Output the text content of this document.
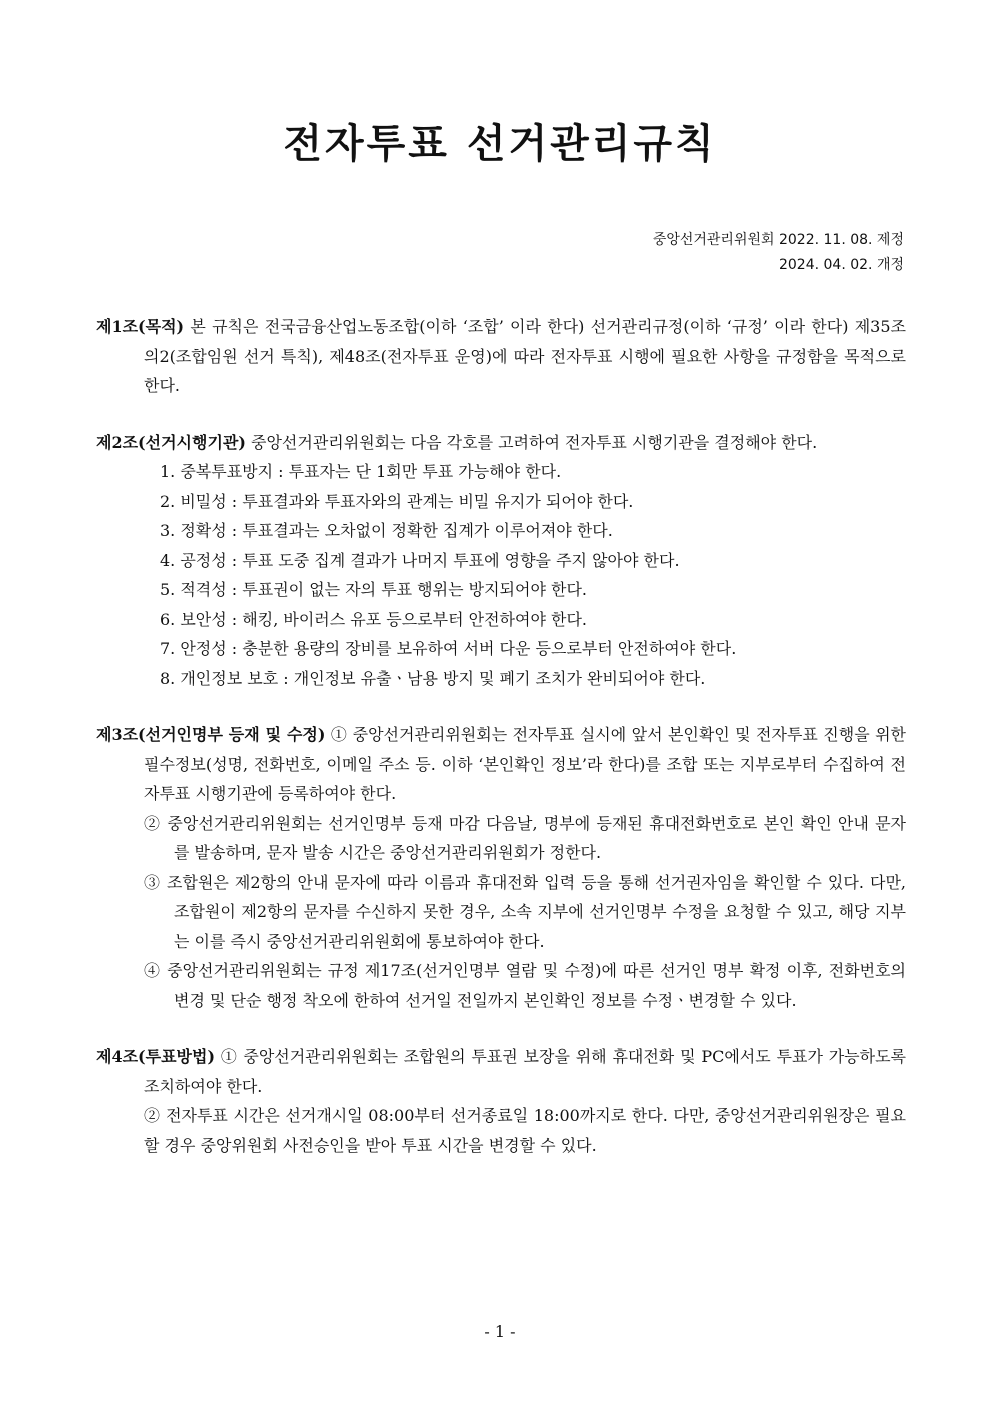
전자투표 선거관리규칙
중앙선거관리위원회 2022. 11. 08. 제정
2024. 04. 02. 개정

제1조(목적) 본 규칙은 전국금융산업노동조합(이하 ‘조합’ 이라 한다) 선거관리규정(이하 ‘규정’ 이라 한다) 제35조의2(조합임원 선거 특칙), 제48조(전자투표 운영)에 따라 전자투표 시행에 필요한 사항을 규정함을 목적으로 한다.

제2조(선거시행기관) 중앙선거관리위원회는 다음 각호를 고려하여 전자투표 시행기관을 결정해야 한다.

1. 중복투표방지 : 투표자는 단 1회만 투표 가능해야 한다.
2. 비밀성 : 투표결과와 투표자와의 관계는 비밀 유지가 되어야 한다.
3. 정확성 : 투표결과는 오차없이 정확한 집계가 이루어져야 한다.
4. 공정성 : 투표 도중 집계 결과가 나머지 투표에 영향을 주지 않아야 한다.
5. 적격성 : 투표권이 없는 자의 투표 행위는 방지되어야 한다.
6. 보안성 : 해킹, 바이러스 유포 등으로부터 안전하여야 한다.
7. 안정성 : 충분한 용량의 장비를 보유하여 서버 다운 등으로부터 안전하여야 한다.
8. 개인정보 보호 : 개인정보 유출ㆍ남용 방지 및 폐기 조치가 완비되어야 한다.

제3조(선거인명부 등재 및 수정) ① 중앙선거관리위원회는 전자투표 실시에 앞서 본인확인 및 전자투표 진행을 위한 필수정보(성명, 전화번호, 이메일 주소 등. 이하 ‘본인확인 정보’라 한다)를 조합 또는 지부로부터 수집하여 전자투표 시행기관에 등록하여야 한다.

② 중앙선거관리위원회는 선거인명부 등재 마감 다음날, 명부에 등재된 휴대전화번호로 본인 확인 안내 문자를 발송하며, 문자 발송 시간은 중앙선거관리위원회가 정한다.

③ 조합원은 제2항의 안내 문자에 따라 이름과 휴대전화 입력 등을 통해 선거권자임을 확인할 수 있다. 다만, 조합원이 제2항의 문자를 수신하지 못한 경우, 소속 지부에 선거인명부 수정을 요청할 수 있고, 해당 지부는 이를 즉시 중앙선거관리위원회에 통보하여야 한다.

④ 중앙선거관리위원회는 규정 제17조(선거인명부 열람 및 수정)에 따른 선거인 명부 확정 이후, 전화번호의 변경 및 단순 행정 착오에 한하여 선거일 전일까지 본인확인 정보를 수정ㆍ변경할 수 있다.

제4조(투표방법) ① 중앙선거관리위원회는 조합원의 투표권 보장을 위해 휴대전화 및 PC에서도 투표가 가능하도록 조치하여야 한다.

② 전자투표 시간은 선거개시일 08:00부터 선거종료일 18:00까지로 한다. 다만, 중앙선거관리위원장은 필요할 경우 중앙위원회 사전승인을 받아 투표 시간을 변경할 수 있다.

- 1 -
